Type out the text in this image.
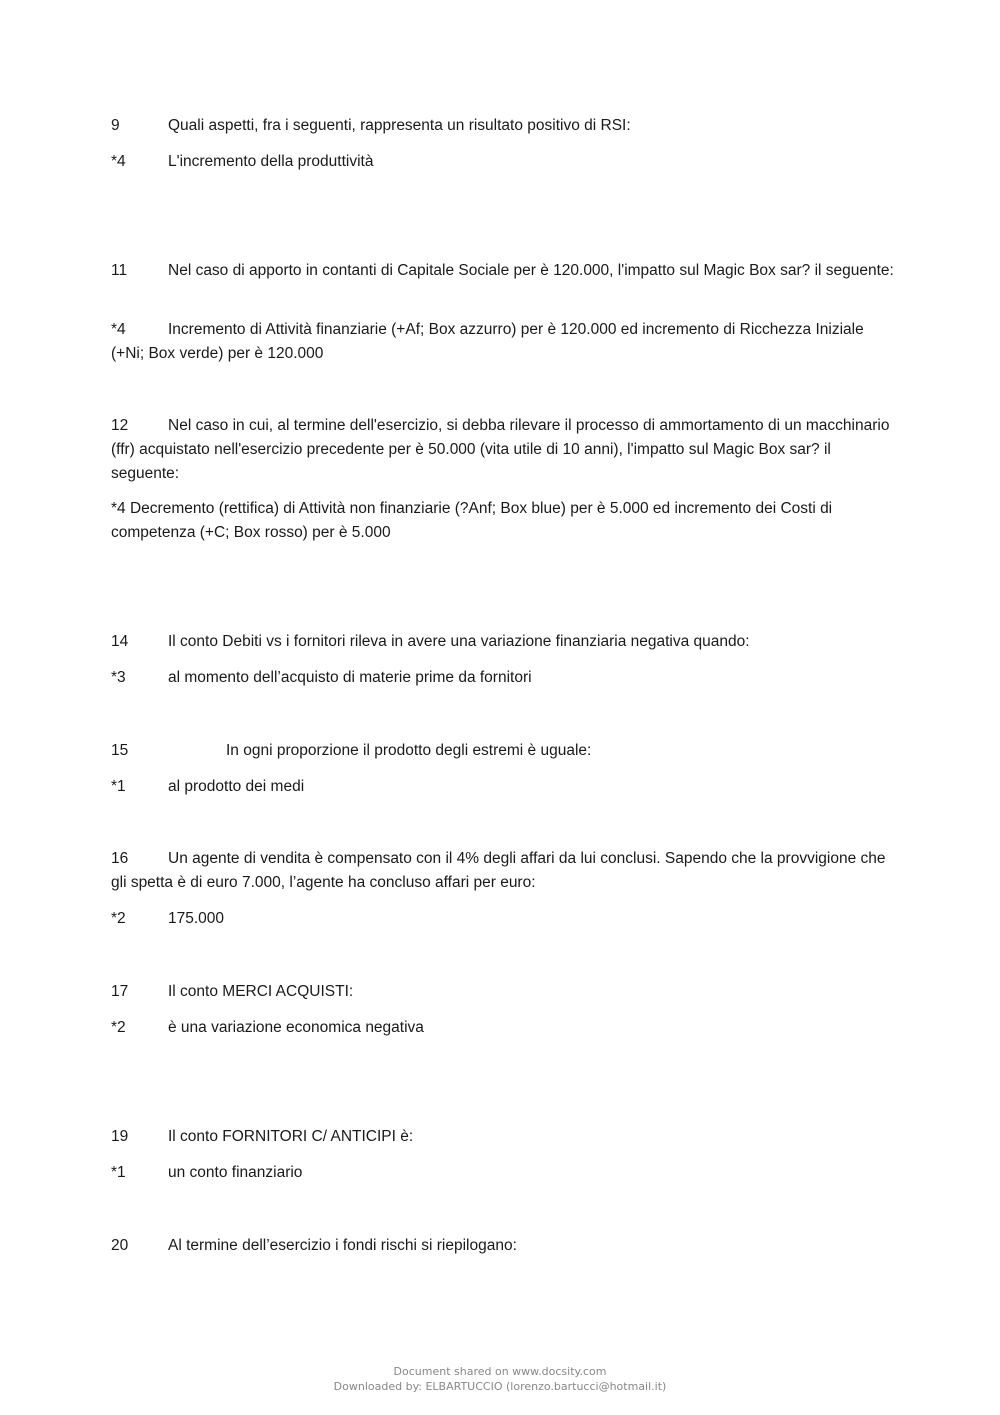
9	Quali aspetti, fra i seguenti, rappresenta un risultato positivo di RSI:
*4	L'incremento della produttività
11	Nel caso di apporto in contanti di Capitale Sociale per è 120.000, l'impatto sul Magic Box sar? il seguente:
*4	Incremento di Attività finanziarie (+Af; Box azzurro) per è 120.000 ed incremento di Ricchezza Iniziale (+Ni; Box verde) per è 120.000
12	Nel caso in cui, al termine dell'esercizio, si debba rilevare il processo di ammortamento di un macchinario (ffr) acquistato nell'esercizio precedente per è 50.000 (vita utile di 10 anni), l'impatto sul Magic Box sar? il seguente:
*4 Decremento (rettifica) di Attività non finanziarie (?Anf; Box blue) per è 5.000 ed incremento dei Costi di competenza (+C; Box rosso) per è 5.000
14	Il conto Debiti vs i fornitori rileva in avere una variazione finanziaria negativa quando:
*3	al momento dell’acquisto di materie prime da fornitori
15	In ogni proporzione il prodotto degli estremi è uguale:
*1	al prodotto dei medi
16	Un agente di vendita è compensato con il 4% degli affari da lui conclusi. Sapendo che la provvigione che gli spetta è di euro 7.000, l’agente ha concluso affari per euro:
*2	175.000
17	Il conto MERCI ACQUISTI:
*2	è una variazione economica negativa
19	Il conto FORNITORI C/ ANTICIPI è:
*1	un conto finanziario
20	Al termine dell’esercizio i fondi rischi si riepilogano:
Document shared on www.docsity.com
Downloaded by: ELBARTUCCIO (lorenzo.bartucci@hotmail.it)
